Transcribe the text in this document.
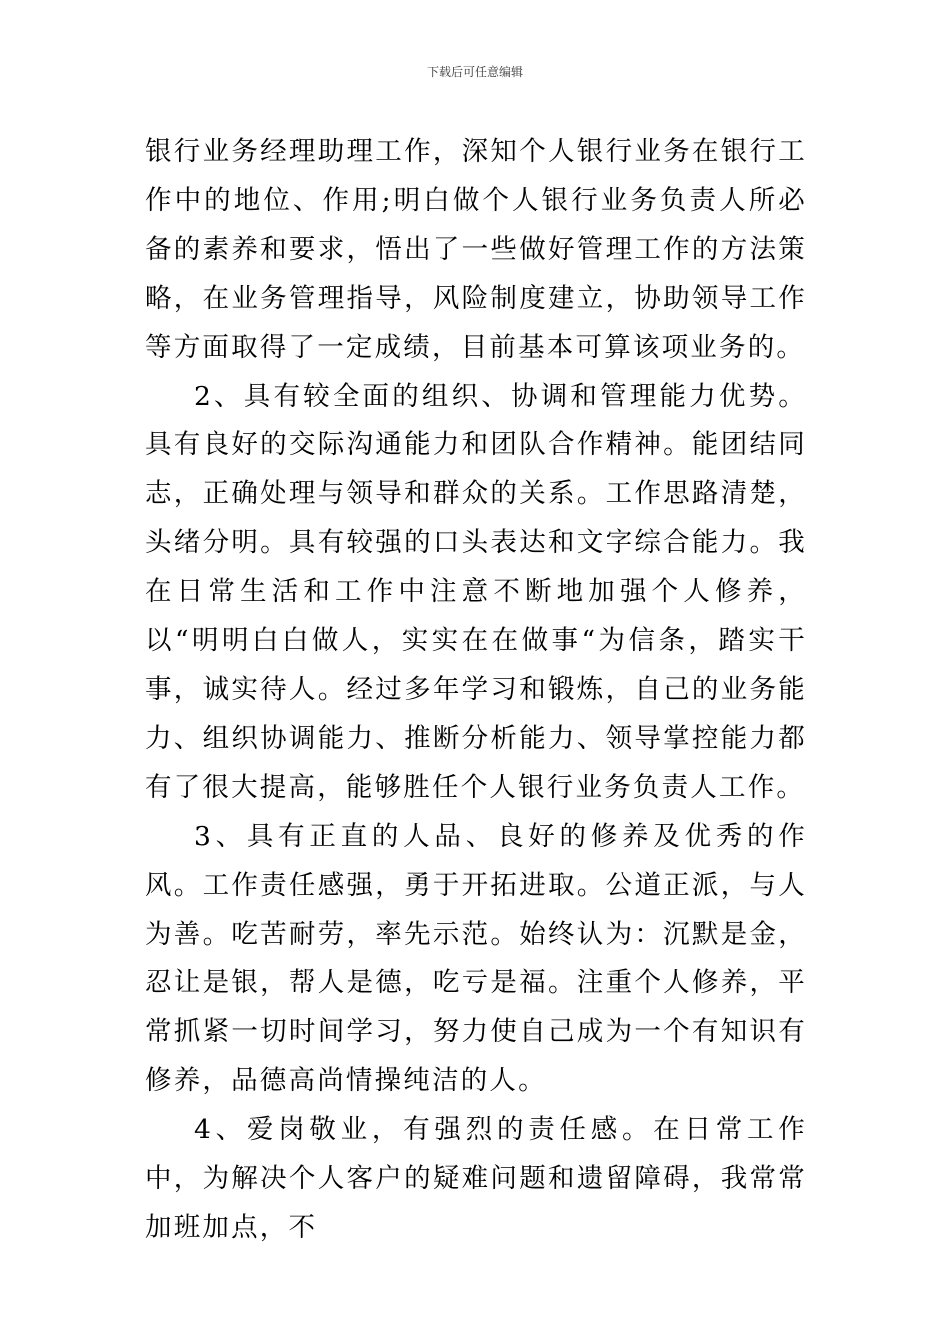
下载后可任意编辑

银行业务经理助理工作，深知个人银行业务在银行工作中的地位、作用;明白做个人银行业务负责人所必备的素养和要求，悟出了一些做好管理工作的方法策略，在业务管理指导，风险制度建立，协助领导工作等方面取得了一定成绩，目前基本可算该项业务的。

2、具有较全面的组织、协调和管理能力优势。具有良好的交际沟通能力和团队合作精神。能团结同志，正确处理与领导和群众的关系。工作思路清楚，头绪分明。具有较强的口头表达和文字综合能力。我在日常生活和工作中注意不断地加强个人修养，以“明明白白做人，实实在在做事“为信条，踏实干事，诚实待人。经过多年学习和锻炼，自己的业务能力、组织协调能力、推断分析能力、领导掌控能力都有了很大提高，能够胜任个人银行业务负责人工作。

3、具有正直的人品、良好的修养及优秀的作风。工作责任感强，勇于开拓进取。公道正派，与人为善。吃苦耐劳，率先示范。始终认为：沉默是金，忍让是银，帮人是德，吃亏是福。注重个人修养，平常抓紧一切时间学习，努力使自己成为一个有知识有修养，品德高尚情操纯洁的人。

4、爱岗敬业，有强烈的责任感。在日常工作中，为解决个人客户的疑难问题和遗留障碍，我常常加班加点，不
